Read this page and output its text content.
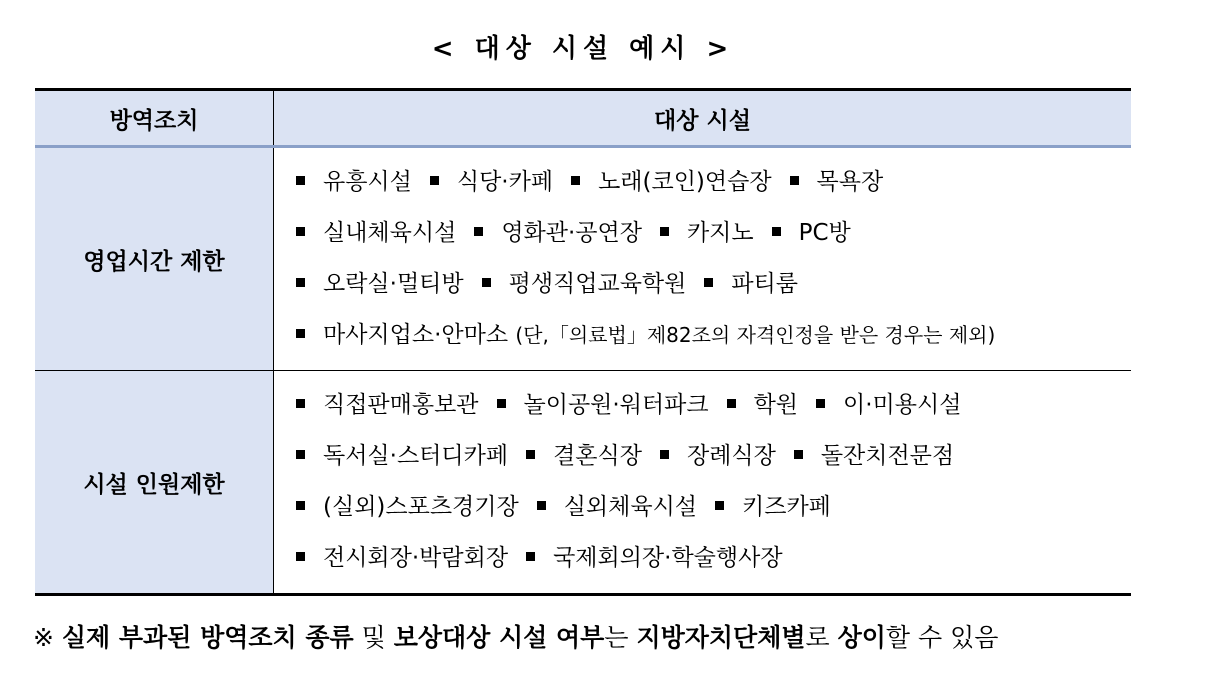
< 대상 시설 예시 >
방역조치	대상 시설
영업시간 제한	유흥시설 식당·카페 노래(코인)연습장 목욕장
실내체육시설 영화관·공연장 카지노 PC방
오락실·멀티방 평생직업교육학원 파티룸
마사지업소·안마소 (단,「의료법」제82조의 자격인정을 받은 경우는 제외)

시설 인원제한	직접판매홍보관 놀이공원·워터파크 학원 이·미용시설
독서실·스터디카페 결혼식장 장례식장 돌잔치전문점
(실외)스포츠경기장 실외체육시설 키즈카페
전시회장·박람회장 국제회의장·학술행사장
※ 실제 부과된 방역조치 종류 및 보상대상 시설 여부는 지방자치단체별로 상이할 수 있음
